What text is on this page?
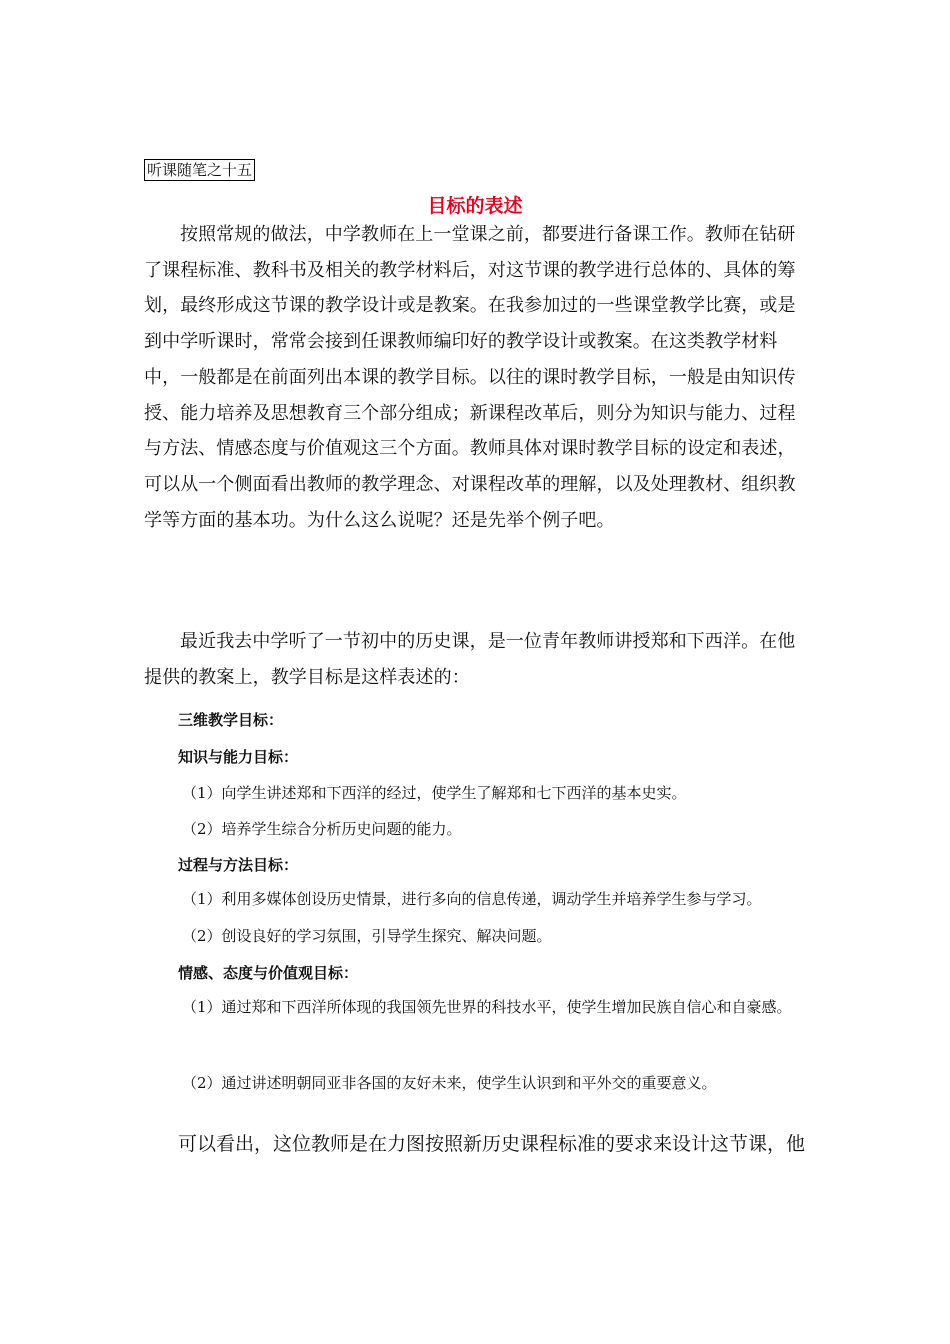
听课随笔之十五
目标的表述

按照常规的做法，中学教师在上一堂课之前，都要进行备课工作。教师在钻研了课程标准、教科书及相关的教学材料后，对这节课的教学进行总体的、具体的筹划，最终形成这节课的教学设计或是教案。在我参加过的一些课堂教学比赛，或是到中学听课时，常常会接到任课教师编印好的教学设计或教案。在这类教学材料中，一般都是在前面列出本课的教学目标。以往的课时教学目标，一般是由知识传授、能力培养及思想教育三个部分组成；新课程改革后，则分为知识与能力、过程与方法、情感态度与价值观这三个方面。教师具体对课时教学目标的设定和表述，可以从一个侧面看出教师的教学理念、对课程改革的理解，以及处理教材、组织教学等方面的基本功。为什么这么说呢？还是先举个例子吧。

最近我去中学听了一节初中的历史课，是一位青年教师讲授郑和下西洋。在他提供的教案上，教学目标是这样表述的：

三维教学目标：
知识与能力目标：
（1）向学生讲述郑和下西洋的经过，使学生了解郑和七下西洋的基本史实。
（2）培养学生综合分析历史问题的能力。
过程与方法目标：
（1）利用多媒体创设历史情景，进行多向的信息传递，调动学生并培养学生参与学习。
（2）创设良好的学习氛围，引导学生探究、解决问题。
情感、态度与价值观目标：
（1）通过郑和下西洋所体现的我国领先世界的科技水平，使学生增加民族自信心和自豪感。
（2）通过讲述明朝同亚非各国的友好未来，使学生认识到和平外交的重要意义。
可以看出，这位教师是在力图按照新历史课程标准的要求来设计这节课，他
